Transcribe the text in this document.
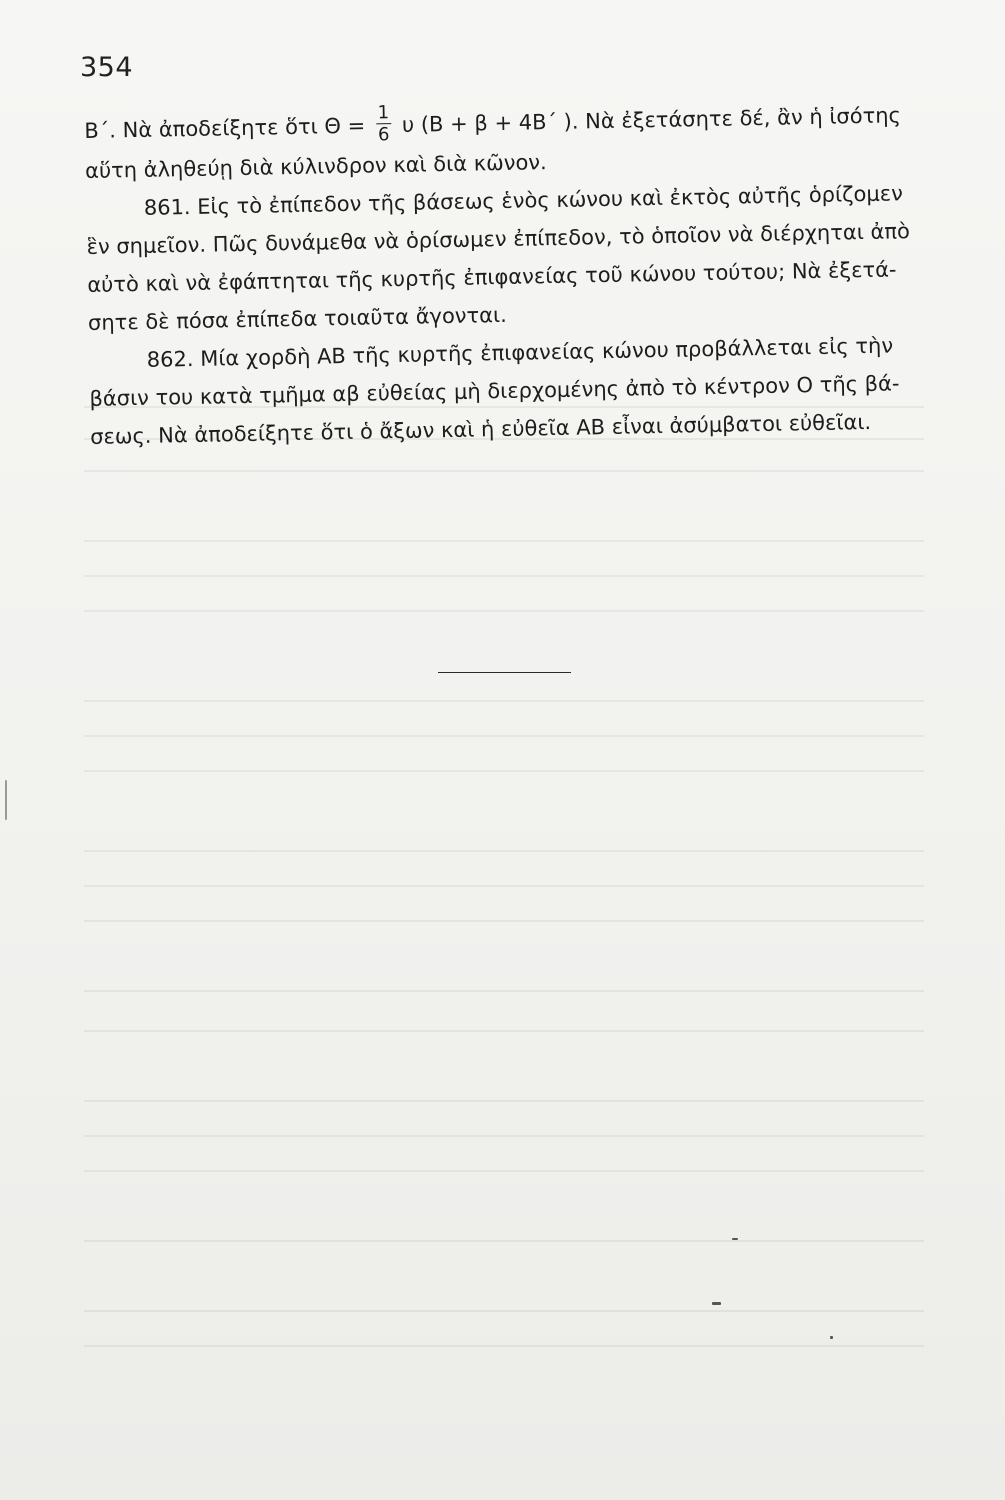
354
Β΄. Νὰ ἀποδείξητε ὅτι $\Theta = \frac{1}{6}$ υ (Β + β + 4Β΄ ). Νὰ ἐξετάσητε δέ, ἂν ἡ ἰσότης
αὕτη ἀληθεύῃ διὰ κύλινδρον καὶ διὰ κῶνον.
861. Εἰς τὸ ἐπίπεδον τῆς βάσεως ἑνὸς κώνου καὶ ἐκτὸς αὐτῆς ὁρίζομεν
ἓν σημεῖον. Πῶς δυνάμεθα νὰ ὁρίσωμεν ἐπίπεδον, τὸ ὁποῖον νὰ διέρχηται ἀπὸ
αὐτὸ καὶ νὰ ἐφάπτηται τῆς κυρτῆς ἐπιφανείας τοῦ κώνου τούτου; Νὰ ἐξετά-
σητε δὲ πόσα ἐπίπεδα τοιαῦτα ἄγονται.
862. Μία χορδὴ ΑΒ τῆς κυρτῆς ἐπιφανείας κώνου προβάλλεται εἰς τὴν
βάσιν του κατὰ τμῆμα αβ εὐθείας μὴ διερχομένης ἀπὸ τὸ κέντρον Ο τῆς βά-
σεως. Νὰ ἀποδείξητε ὅτι ὁ ἄξων καὶ ἡ εὐθεῖα ΑΒ εἶναι ἀσύμβατοι εὐθεῖαι.
